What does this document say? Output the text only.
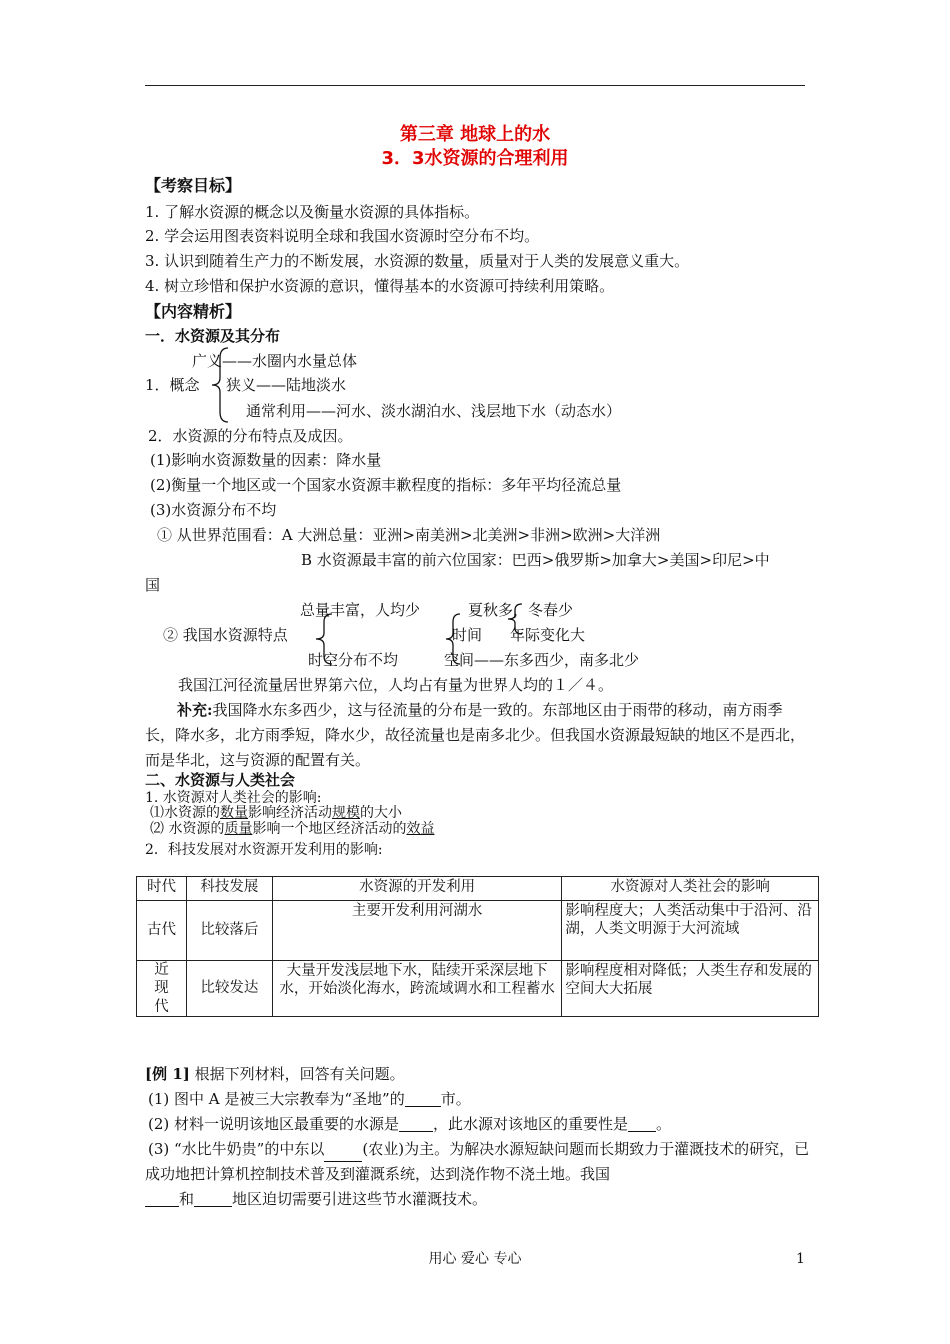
第三章 地球上的水
3．3水资源的合理利用
【考察目标】
1. 了解水资源的概念以及衡量水资源的具体指标。
2. 学会运用图表资料说明全球和我国水资源时空分布不均。
3. 认识到随着生产力的不断发展，水资源的数量，质量对于人类的发展意义重大。
4. 树立珍惜和保护水资源的意识，懂得基本的水资源可持续利用策略。
【内容精析】
一．水资源及其分布
广义——水圈内水量总体
1．概念 狭义——陆地淡水
通常利用——河水、淡水湖泊水、浅层地下水（动态水）
2．水资源的分布特点及成因。
(1)影响水资源数量的因素：降水量
(2)衡量一个地区或一个国家水资源丰歉程度的指标：多年平均径流总量
(3)水资源分布不均
① 从世界范围看：A 大洲总量：亚洲>南美洲>北美洲>非洲>欧洲>大洋洲
B 水资源最丰富的前六位国家：巴西>俄罗斯>加拿大>美国>印尼>中
国
总量丰富，人均少	夏秋多，冬春少
② 我国水资源特点	时间 年际变化大
时空分布不均	空间——东多西少，南多北少
我国江河径流量居世界第六位，人均占有量为世界人均的１／４。
补充:我国降水东多西少，这与径流量的分布是一致的。东部地区由于雨带的移动，南方雨季长，降水多，北方雨季短，降水少，故径流量也是南多北少。但我国水资源最短缺的地区不是西北，而是华北，这与资源的配置有关。
二、水资源与人类社会
1. 水资源对人类社会的影响:
⑴水资源的数量影响经济活动规模的大小
⑵ 水资源的质量影响一个地区经济活动的效益
2．科技发展对水资源开发利用的影响:
时代	科技发展	水资源的开发利用	水资源对人类社会的影响
古代	比较落后	主要开发利用河湖水	影响程度大；人类活动集中于沿河、沿湖，人类文明源于大河流域
近现代	比较发达	大量开发浅层地下水，陆续开采深层地下水，开始淡化海水，跨流域调水和工程蓄水	影响程度相对降低；人类生存和发展的空间大大拓展
[例 1] 根据下列材料，回答有关问题。
(1) 图中 A 是被三大宗教奉为“圣地”的 市。
(2) 材料一说明该地区最重要的水源是 ，此水源对该地区的重要性是 。
(3) “水比牛奶贵”的中东以	(农业)为主。为解决水源短缺问题而长期致力于灌溉技术的研究，已成功地把计算机控制技术普及到灌溉系统，达到浇作物不浇土地。我国
和	地区迫切需要引进这些节水灌溉技术。
用心 爱心 专心	1
